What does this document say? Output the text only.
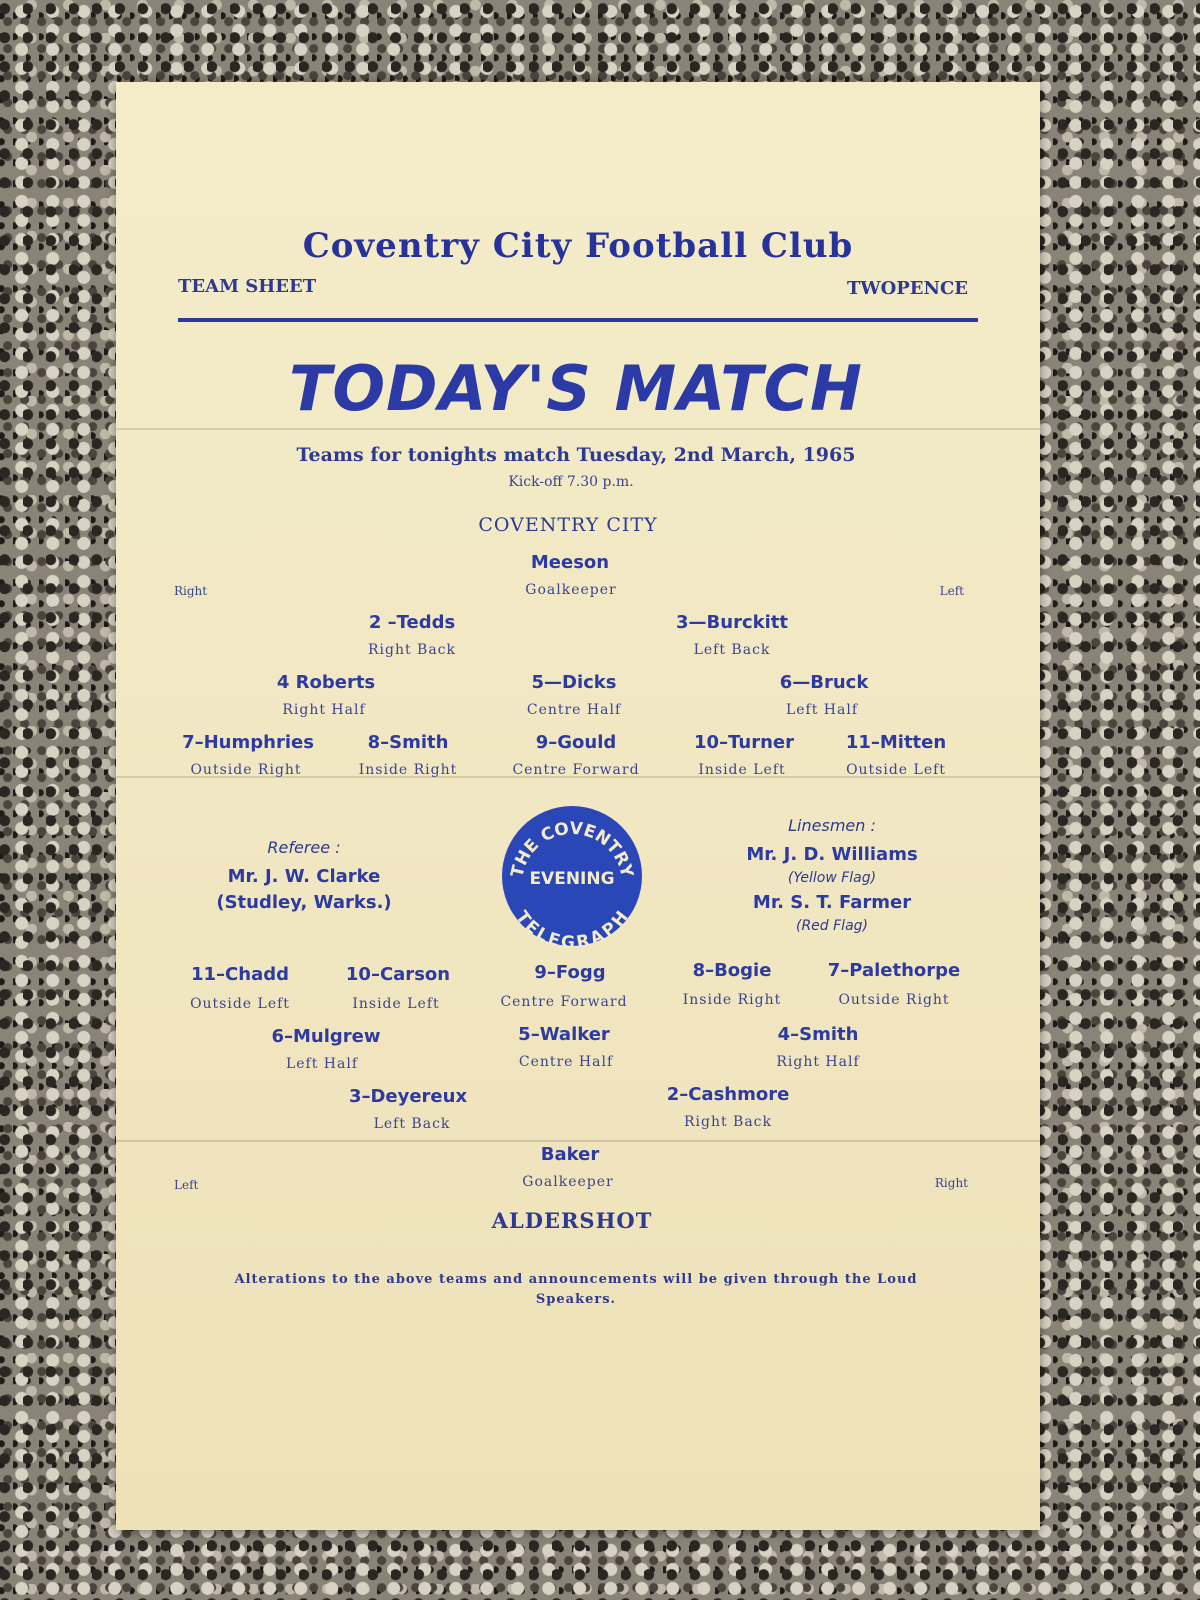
Coventry City Football Club
TEAM SHEET	TWOPENCE
TODAY'S MATCH
Teams for tonights match Tuesday, 2nd March, 1965
Kick-off 7.30 p.m.
COVENTRY CITY
Meeson
Goalkeeper
Right	Left
2 –Tedds
Right Back
3—Burckitt
Left Back
4 Roberts
Right Half
5—Dicks
Centre Half
6—Bruck
Left Half
7–Humphries
Outside Right
8–Smith
Inside Right
9–Gould
Centre Forward
10–Turner
Inside Left
11–Mitten
Outside Left
Referee :
Mr. J. W. Clarke
(Studley, Warks.)
Linesmen :
Mr. J. D. Williams
(Yellow Flag)
Mr. S. T. Farmer
(Red Flag)
THE COVENTRY
EVENING
TELEGRAPH
11–Chadd
Outside Left
10–Carson
Inside Left
9–Fogg
Centre Forward
8–Bogie
Inside Right
7–Palethorpe
Outside Right
6–Mulgrew
Left Half
5–Walker
Centre Half
4–Smith
Right Half
3–Deyereux
Left Back
2–Cashmore
Right Back
Baker
Goalkeeper
Left	Right
ALDERSHOT
Alterations to the above teams and announcements will be given through the Loud Speakers.
